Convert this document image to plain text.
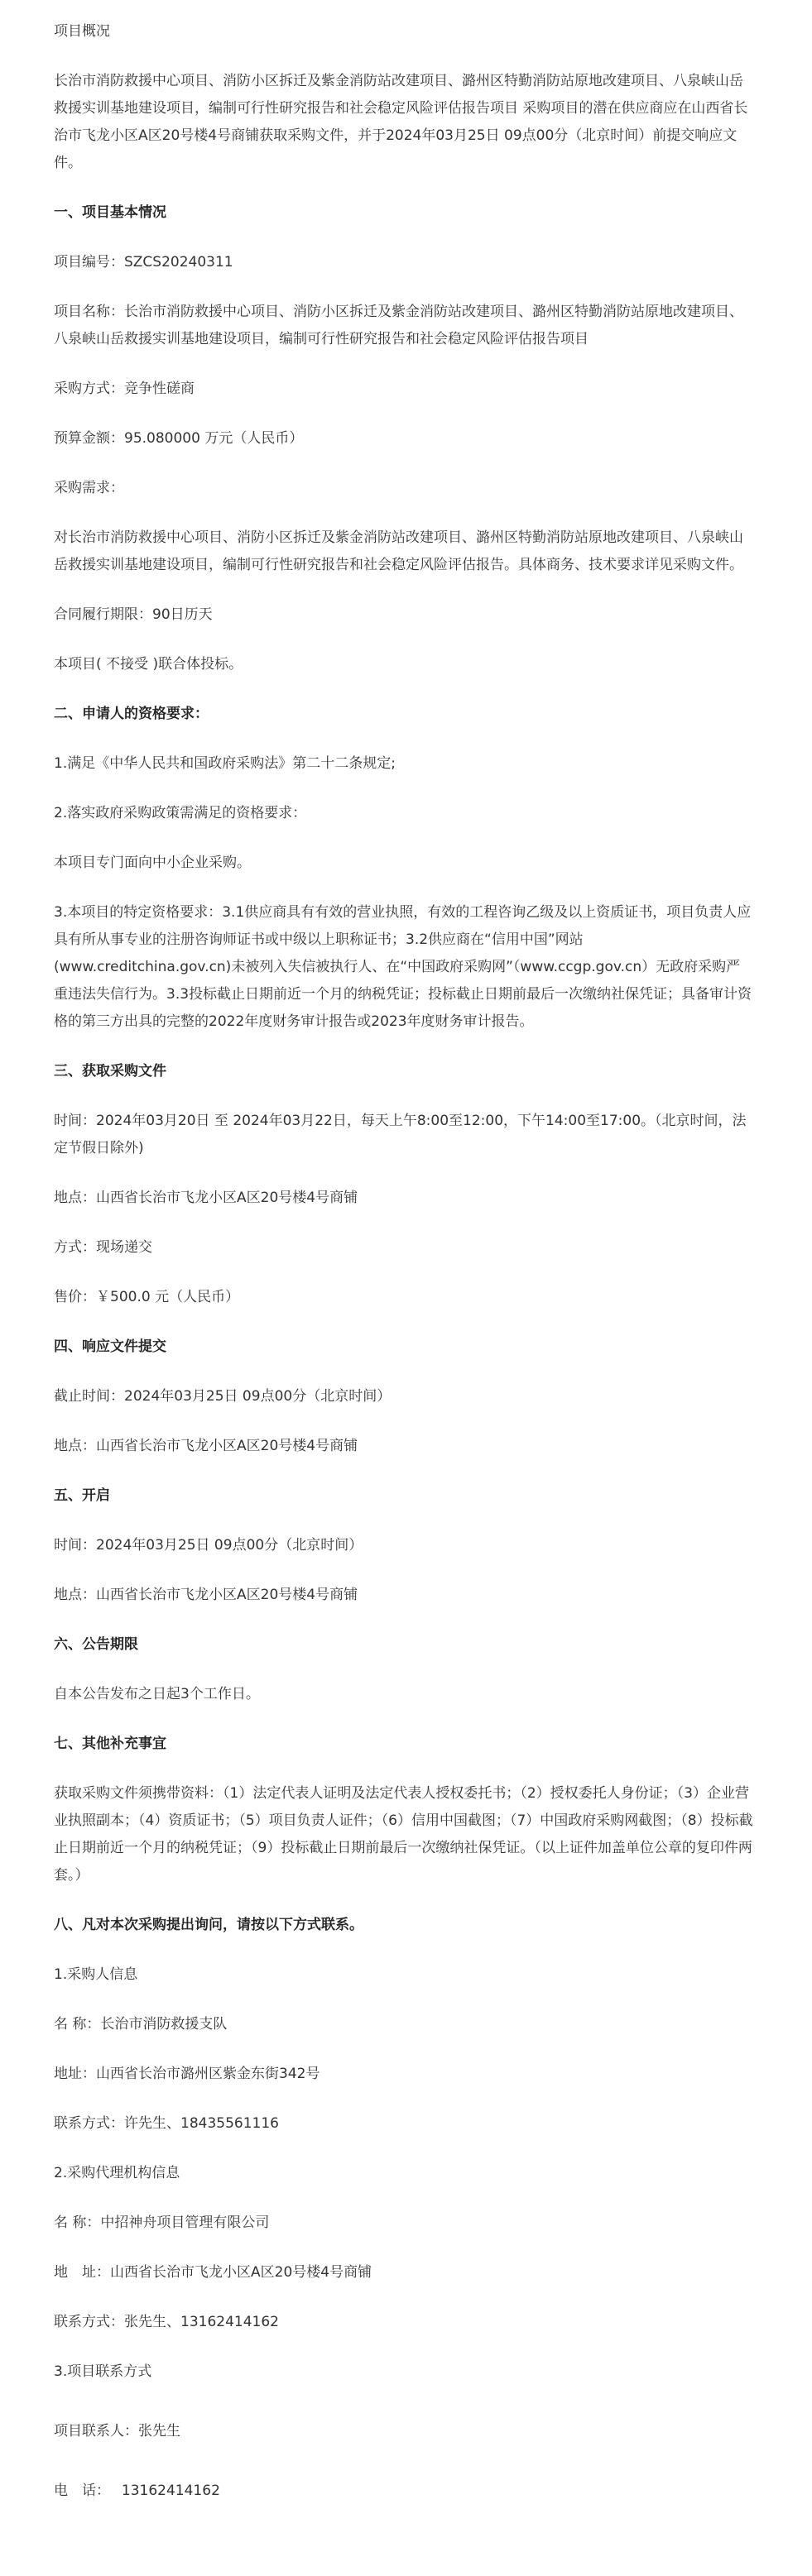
项目概况

长治市消防救援中心项目、消防小区拆迁及紫金消防站改建项目、潞州区特勤消防站原地改建项目、八泉峡山岳救援实训基地建设项目，编制可行性研究报告和社会稳定风险评估报告项目 采购项目的潜在供应商应在山西省长治市飞龙小区A区20号楼4号商铺获取采购文件，并于2024年03月25日 09点00分（北京时间）前提交响应文件。

一、项目基本情况

项目编号：SZCS20240311

项目名称：长治市消防救援中心项目、消防小区拆迁及紫金消防站改建项目、潞州区特勤消防站原地改建项目、八泉峡山岳救援实训基地建设项目，编制可行性研究报告和社会稳定风险评估报告项目

采购方式：竞争性磋商

预算金额：95.080000 万元（人民币）

采购需求：

对长治市消防救援中心项目、消防小区拆迁及紫金消防站改建项目、潞州区特勤消防站原地改建项目、八泉峡山岳救援实训基地建设项目，编制可行性研究报告和社会稳定风险评估报告。具体商务、技术要求详见采购文件。

合同履行期限：90日历天

本项目( 不接受 )联合体投标。

二、申请人的资格要求：

1.满足《中华人民共和国政府采购法》第二十二条规定;

2.落实政府采购政策需满足的资格要求：

本项目专门面向中小企业采购。

3.本项目的特定资格要求：3.1供应商具有有效的营业执照，有效的工程咨询乙级及以上资质证书，项目负责人应具有所从事专业的注册咨询师证书或中级以上职称证书；3.2供应商在“信用中国”网站(www.creditchina.gov.cn)未被列入失信被执行人、在“中国政府采购网”（www.ccgp.gov.cn）无政府采购严重违法失信行为。3.3投标截止日期前近一个月的纳税凭证；投标截止日期前最后一次缴纳社保凭证；具备审计资格的第三方出具的完整的2022年度财务审计报告或2023年度财务审计报告。

三、获取采购文件

时间：2024年03月20日 至 2024年03月22日，每天上午8:00至12:00，下午14:00至17:00。（北京时间，法定节假日除外)

地点：山西省长治市飞龙小区A区20号楼4号商铺

方式：现场递交

售价：￥500.0 元（人民币）

四、响应文件提交

截止时间：2024年03月25日 09点00分（北京时间）

地点：山西省长治市飞龙小区A区20号楼4号商铺

五、开启

时间：2024年03月25日 09点00分（北京时间）

地点：山西省长治市飞龙小区A区20号楼4号商铺

六、公告期限

自本公告发布之日起3个工作日。

七、其他补充事宜

获取采购文件须携带资料：（1）法定代表人证明及法定代表人授权委托书；（2）授权委托人身份证；（3）企业营业执照副本；（4）资质证书；（5）项目负责人证件；（6）信用中国截图；（7）中国政府采购网截图；（8）投标截止日期前近一个月的纳税凭证；（9）投标截止日期前最后一次缴纳社保凭证。（以上证件加盖单位公章的复印件两套。）

八、凡对本次采购提出询问，请按以下方式联系。

1.采购人信息

名 称：长治市消防救援支队

地址：山西省长治市潞州区紫金东街342号

联系方式：许先生、18435561116

2.采购代理机构信息

名 称：中招神舟项目管理有限公司

地　址：山西省长治市飞龙小区A区20号楼4号商铺

联系方式：张先生、13162414162

3.项目联系方式

项目联系人：张先生

电　话：　 13162414162
